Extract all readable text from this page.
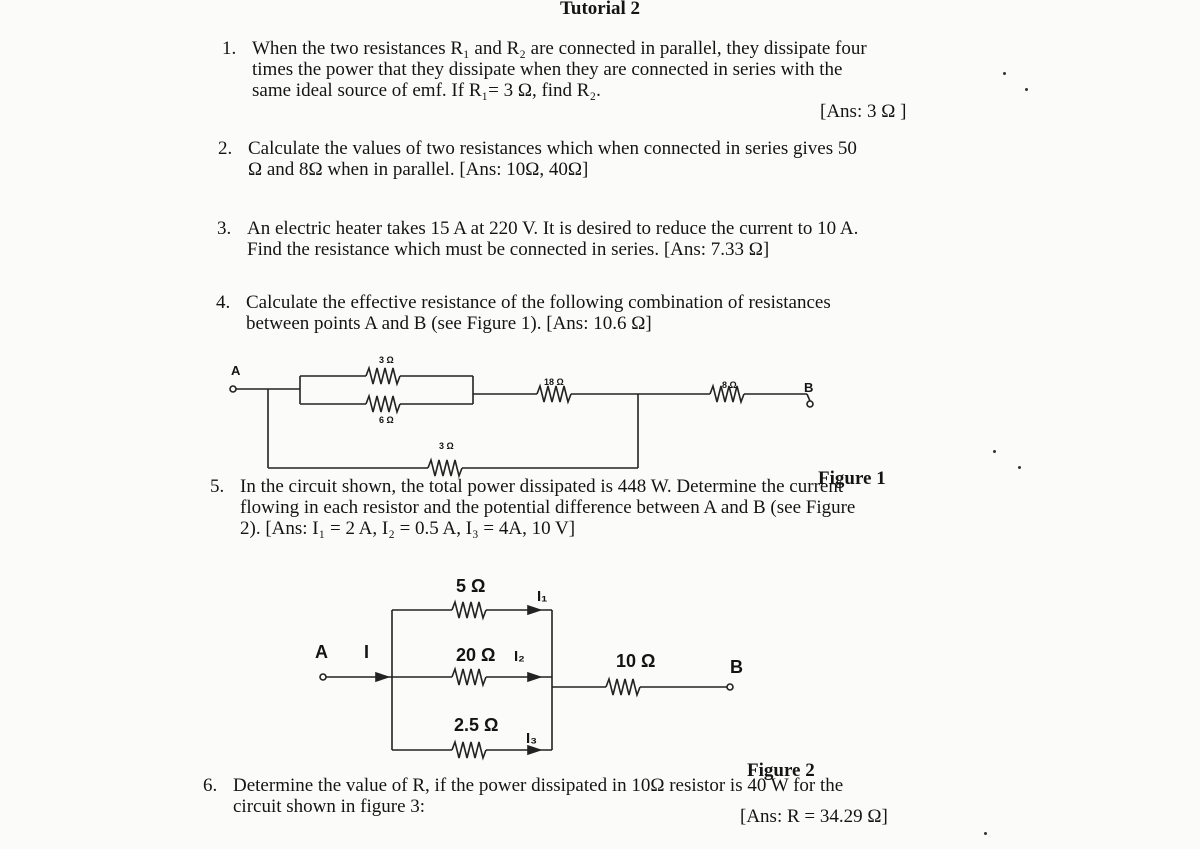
Tutorial 2
1. When the two resistances R₁ and R₂ are connected in parallel, they dissipate four
times the power that they dissipate when they are connected in series with the
same ideal source of emf. If R₁= 3 Ω, find R₂.
[Ans: 3 Ω ]
2. Calculate the values of two resistances which when connected in series gives 50
Ω and 8Ω when in parallel. [Ans: 10Ω, 40Ω]
3. An electric heater takes 15 A at 220 V. It is desired to reduce the current to 10 A.
Find the resistance which must be connected in series. [Ans: 7.33 Ω]
4. Calculate the effective resistance of the following combination of resistances
between points A and B (see Figure 1). [Ans: 10.6 Ω]
A
B
3 Ω
6 Ω
18 Ω	8 Ω
3 Ω
Figure 1
5. In the circuit shown, the total power dissipated is 448 W. Determine the current
flowing in each resistor and the potential difference between A and B (see Figure
2). [Ans: I₁ = 2 A, I₂ = 0.5 A, I₃ = 4A, 10 V]
5 Ω
I₁
A I	20 Ω I₂	10 Ω	B
2.5 Ω
I₃
Figure 2
6. Determine the value of R, if the power dissipated in 10Ω resistor is 40 W for the
circuit shown in figure 3:	[Ans: R = 34.29 Ω]
